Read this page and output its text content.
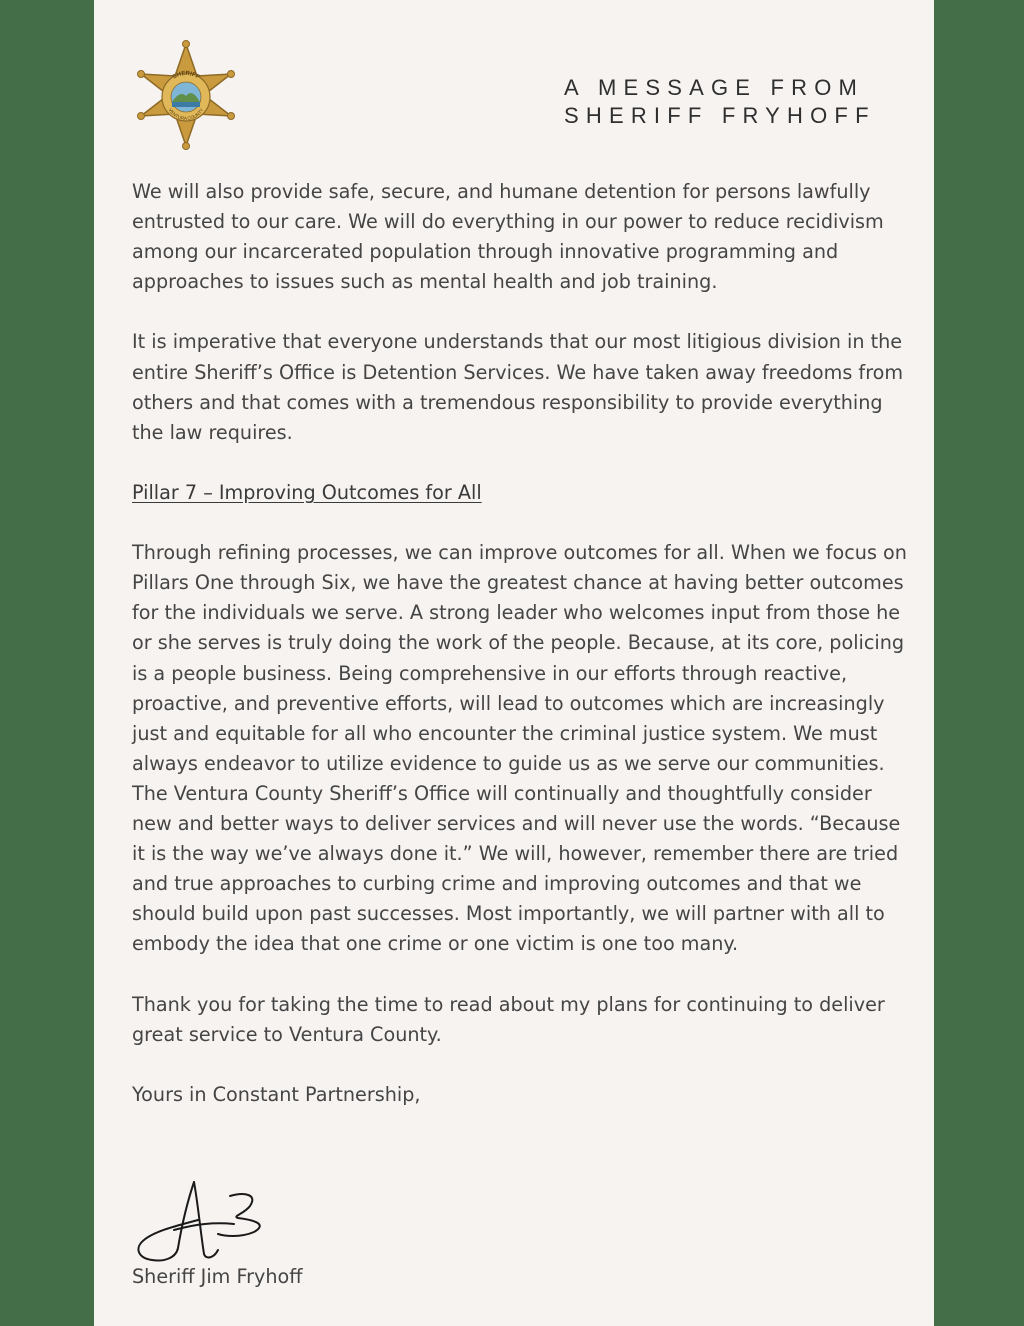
SHERIFF
VENTURA COUNTY
A MESSAGE FROM
SHERIFF FRYHOFF

We will also provide safe, secure, and humane detention for persons lawfully entrusted to our care. We will do everything in our power to reduce recidivism among our incarcerated population through innovative programming and approaches to issues such as mental health and job training.

It is imperative that everyone understands that our most litigious division in the entire Sheriff’s Office is Detention Services. We have taken away freedoms from others and that comes with a tremendous responsibility to provide everything the law requires.

Pillar 7 – Improving Outcomes for All

Through refining processes, we can improve outcomes for all. When we focus on Pillars One through Six, we have the greatest chance at having better outcomes for the individuals we serve. A strong leader who welcomes input from those he or she serves is truly doing the work of the people. Because, at its core, policing is a people business. Being comprehensive in our efforts through reactive, proactive, and preventive efforts, will lead to outcomes which are increasingly just and equitable for all who encounter the criminal justice system. We must always endeavor to utilize evidence to guide us as we serve our communities. The Ventura County Sheriff’s Office will continually and thoughtfully consider new and better ways to deliver services and will never use the words. “Because it is the way we’ve always done it.” We will, however, remember there are tried and true approaches to curbing crime and improving outcomes and that we should build upon past successes. Most importantly, we will partner with all to embody the idea that one crime or one victim is one too many.

Thank you for taking the time to read about my plans for continuing to deliver great service to Ventura County.

Yours in Constant Partnership,

Sheriff Jim Fryhoff
